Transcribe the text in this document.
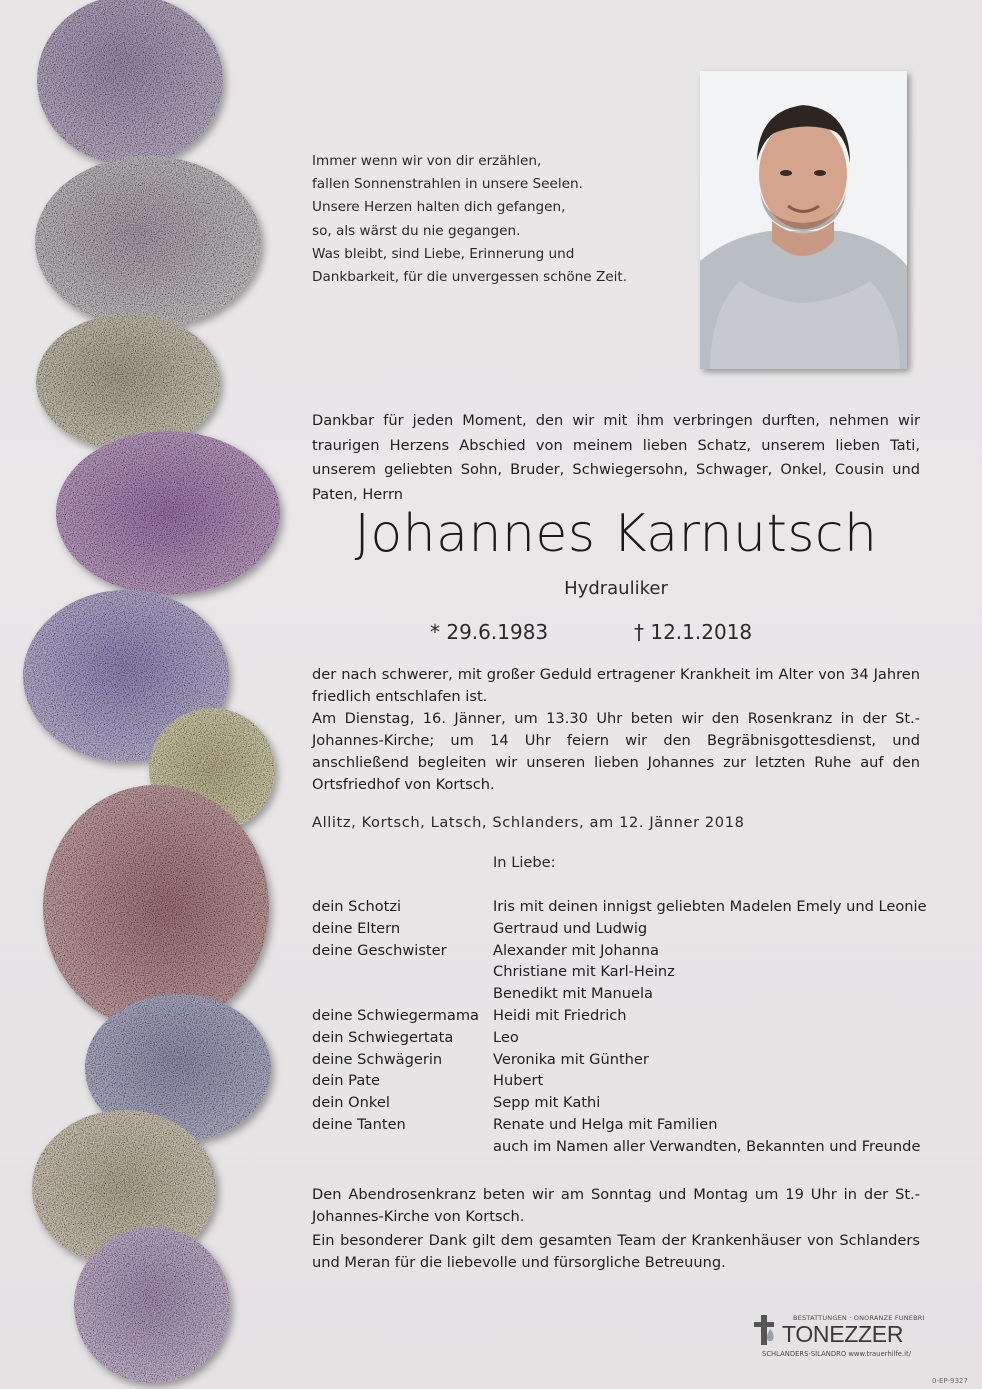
Immer wenn wir von dir erzählen,
fallen Sonnenstrahlen in unsere Seelen.
Unsere Herzen halten dich gefangen,
so, als wärst du nie gegangen.
Was bleibt, sind Liebe, Erinnerung und
Dankbarkeit, für die unvergessen schöne Zeit.
Dankbar für jeden Moment, den wir mit ihm verbringen durften, nehmen wir traurigen Herzens Abschied von meinem lieben Schatz, unserem lieben Tati, unserem geliebten Sohn, Bruder, Schwiegersohn, Schwager, Onkel, Cousin und Paten, Herrn
Johannes Karnutsch
Hydrauliker
* 29.6.1983	† 12.1.2018

der nach schwerer, mit großer Geduld ertragener Krankheit im Alter von 34 Jahren friedlich entschlafen ist.

Am Dienstag, 16. Jänner, um 13.30 Uhr beten wir den Rosenkranz in der St.-Johannes-Kirche; um 14 Uhr feiern wir den Begräbnisgottesdienst, und anschließend begleiten wir unseren lieben Johannes zur letzten Ruhe auf den Ortsfriedhof von Kortsch.

Allitz, Kortsch, Latsch, Schlanders, am 12. Jänner 2018
In Liebe:
dein Schotzi	Iris mit deinen innigst geliebten Madelen Emely und Leonie
deine Eltern	Gertraud und Ludwig
deine Geschwister	Alexander mit Johanna
Christiane mit Karl-Heinz
Benedikt mit Manuela
deine Schwiegermama Heidi mit Friedrich
dein Schwiegertata	Leo
deine Schwägerin	Veronika mit Günther
dein Pate	Hubert
dein Onkel	Sepp mit Kathi
deine Tanten	Renate und Helga mit Familien
auch im Namen aller Verwandten, Bekannten und Freunde

Den Abendrosenkranz beten wir am Sonntag und Montag um 19 Uhr in der St.-Johannes-Kirche von Kortsch.

Ein besonderer Dank gilt dem gesamten Team der Krankenhäuser von Schlanders und Meran für die liebevolle und fürsorgliche Betreuung.

BESTATTUNGEN · ONORANZE FUNEBRI
TONEZZER
SCHLANDERS-SILANDRO www.trauerhilfe.it/
0-EP-9327
